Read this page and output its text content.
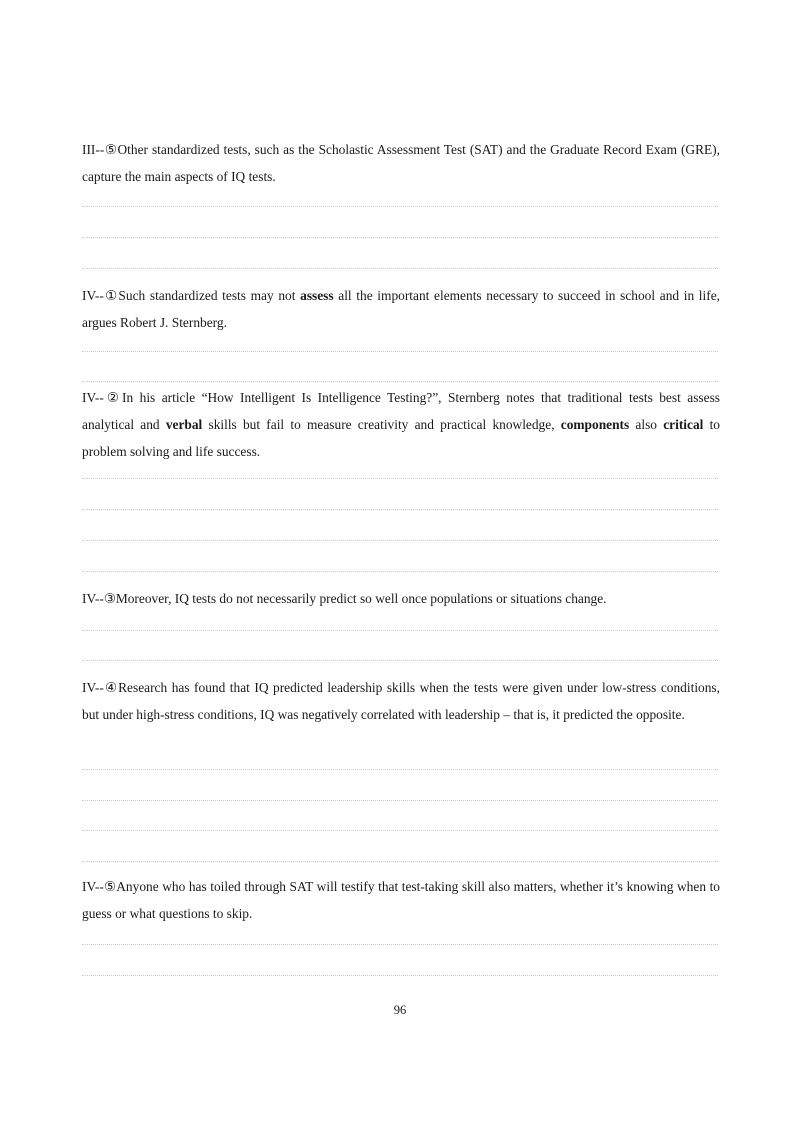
III--⑤Other standardized tests, such as the Scholastic Assessment Test (SAT) and the Graduate Record Exam (GRE), capture the main aspects of IQ tests.

IV--①Such standardized tests may not assess all the important elements necessary to succeed in school and in life, argues Robert J. Sternberg.

IV--②In his article “How Intelligent Is Intelligence Testing?”, Sternberg notes that traditional tests best assess analytical and verbal skills but fail to measure creativity and practical knowledge, components also critical to problem solving and life success.

IV--③Moreover, IQ tests do not necessarily predict so well once populations or situations change.

IV--④Research has found that IQ predicted leadership skills when the tests were given under low-stress conditions, but under high-stress conditions, IQ was negatively correlated with leadership – that is, it predicted the opposite.

IV--⑤Anyone who has toiled through SAT will testify that test-taking skill also matters, whether it’s knowing when to guess or what questions to skip.

96
